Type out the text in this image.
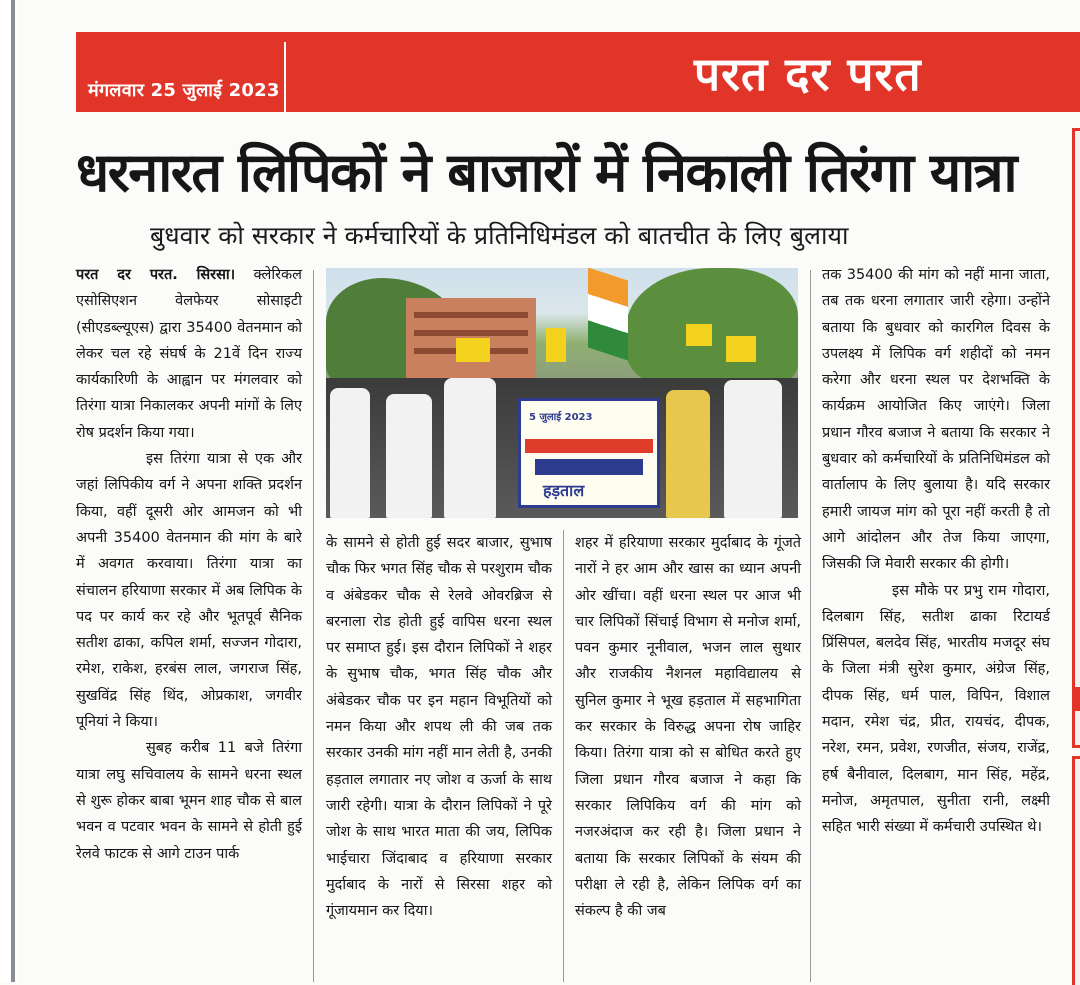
मंगलवार 25 जुलाई 2023	परत दर परत
धरनारत लिपिकों ने बाजारों में निकाली तिरंगा यात्रा
बुधवार को सरकार ने कर्मचारियों के प्रतिनिधिमंडल को बातचीत के लिए बुलाया

परत दर परत. सिरसा। क्लेरिकल एसोसिएशन वेलफेयर सोसाइटी (सीएडब्ल्यूएस) द्वारा 35400 वेतनमान को लेकर चल रहे संघर्ष के 21वें दिन राज्य कार्यकारिणी के आह्वान पर मंगलवार को तिरंगा यात्रा निकालकर अपनी मांगों के लिए रोष प्रदर्शन किया गया।

इस तिरंगा यात्रा से एक और जहां लिपिकीय वर्ग ने अपना शक्ति प्रदर्शन किया, वहीं दूसरी ओर आमजन को भी अपनी 35400 वेतनमान की मांग के बारे में अवगत करवाया। तिरंगा यात्रा का संचालन हरियाणा सरकार में अब लिपिक के पद पर कार्य कर रहे और भूतपूर्व सैनिक सतीश ढाका, कपिल शर्मा, सज्जन गोदारा, रमेश, राकेश, हरबंस लाल, जगराज सिंह, सुखविंद्र सिंह थिंद, ओप्रकाश, जगवीर पूनियां ने किया।

सुबह करीब 11 बजे तिरंगा यात्रा लघु सचिवालय के सामने धरना स्थल से शुरू होकर बाबा भूमन शाह चौक से बाल भवन व पटवार भवन के सामने से होती हुई रेलवे फाटक से आगे टाउन पार्क

5 जुलाई 2023
हड़ताल

के सामने से होती हुई सदर बाजार, सुभाष चौक फिर भगत सिंह चौक से परशुराम चौक व अंबेडकर चौक से रेलवे ओवरब्रिज से बरनाला रोड होती हुई वापिस धरना स्थल पर समाप्त हुई। इस दौरान लिपिकों ने शहर के सुभाष चौक, भगत सिंह चौक और अंबेडकर चौक पर इन महान विभूतियों को नमन किया और शपथ ली की जब तक सरकार उनकी मांग नहीं मान लेती है, उनकी हड़ताल लगातार नए जोश व ऊर्जा के साथ जारी रहेगी। यात्रा के दौरान लिपिकों ने पूरे जोश के साथ भारत माता की जय, लिपिक भाईचारा जिंदाबाद व हरियाणा सरकार मुर्दाबाद के नारों से सिरसा शहर को गूंजायमान कर दिया।

शहर में हरियाणा सरकार मुर्दाबाद के गूंजते नारों ने हर आम और खास का ध्यान अपनी ओर खींचा। वहीं धरना स्थल पर आज भी चार लिपिकों सिंचाई विभाग से मनोज शर्मा, पवन कुमार नूनीवाल, भजन लाल सुथार और राजकीय नैशनल महाविद्यालय से सुनिल कुमार ने भूख हड़ताल में सहभागिता कर सरकार के विरुद्ध अपना रोष जाहिर किया। तिरंगा यात्रा को स बोधित करते हुए जिला प्रधान गौरव बजाज ने कहा कि सरकार लिपिकिय वर्ग की मांग को नजरअंदाज कर रही है। जिला प्रधान ने बताया कि सरकार लिपिकों के संयम की परीक्षा ले रही है, लेकिन लिपिक वर्ग का संकल्प है की जब

तक 35400 की मांग को नहीं माना जाता, तब तक धरना लगातार जारी रहेगा। उन्होंने बताया कि बुधवार को कारगिल दिवस के उपलक्ष्य में लिपिक वर्ग शहीदों को नमन करेगा और धरना स्थल पर देशभक्ति के कार्यक्रम आयोजित किए जाएंगे। जिला प्रधान गौरव बजाज ने बताया कि सरकार ने बुधवार को कर्मचारियों के प्रतिनिधिमंडल को वार्तालाप के लिए बुलाया है। यदि सरकार हमारी जायज मांग को पूरा नहीं करती है तो आगे आंदोलन और तेज किया जाएगा, जिसकी जि मेवारी सरकार की होगी।

इस मौके पर प्रभु राम गोदारा, दिलबाग सिंह, सतीश ढाका रिटायर्ड प्रिंसिपल, बलदेव सिंह, भारतीय मजदूर संघ के जिला मंत्री सुरेश कुमार, अंग्रेज सिंह, दीपक सिंह, धर्म पाल, विपिन, विशाल मदान, रमेश चंद्र, प्रीत, रायचंद, दीपक, नरेश, रमन, प्रवेश, रणजीत, संजय, राजेंद्र, हर्ष बैनीवाल, दिलबाग, मान सिंह, महेंद्र, मनोज, अमृतपाल, सुनीता रानी, लक्ष्मी सहित भारी संख्या में कर्मचारी उपस्थित थे।
